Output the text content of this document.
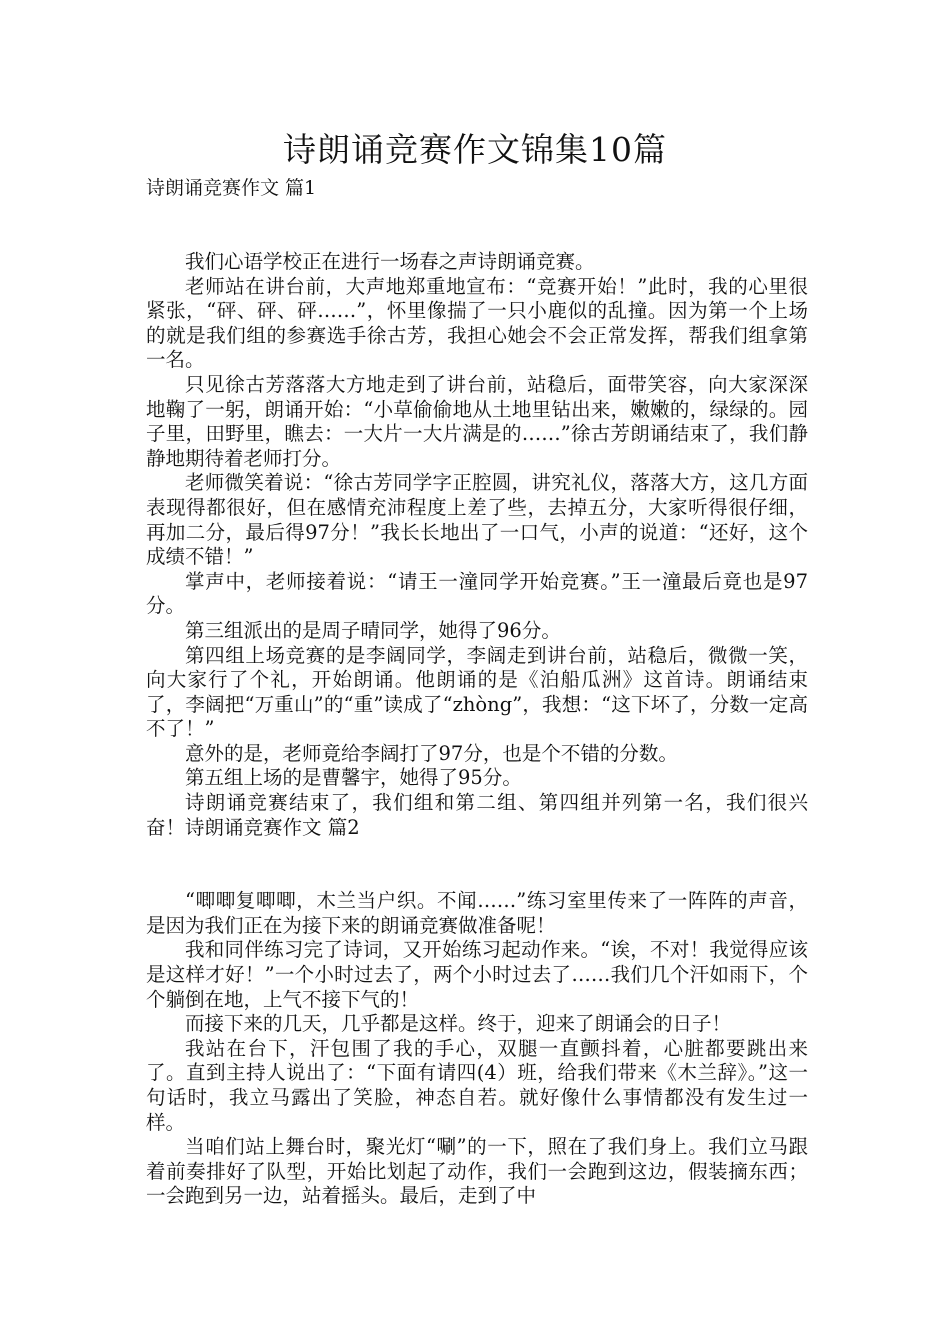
诗朗诵竞赛作文锦集10篇
诗朗诵竞赛作文 篇1

我们心语学校正在进行一场春之声诗朗诵竞赛。

老师站在讲台前，大声地郑重地宣布：“竞赛开始！”此时，我的心里很紧张，“砰、砰、砰……”，怀里像揣了一只小鹿似的乱撞。因为第一个上场的就是我们组的参赛选手徐古芳，我担心她会不会正常发挥，帮我们组拿第一名。

只见徐古芳落落大方地走到了讲台前，站稳后，面带笑容，向大家深深地鞠了一躬，朗诵开始：“小草偷偷地从土地里钻出来，嫩嫩的，绿绿的。园子里，田野里，瞧去：一大片一大片满是的……”徐古芳朗诵结束了，我们静静地期待着老师打分。

老师微笑着说：“徐古芳同学字正腔圆，讲究礼仪，落落大方，这几方面表现得都很好，但在感情充沛程度上差了些，去掉五分，大家听得很仔细，再加二分，最后得97分！”我长长地出了一口气，小声的说道：“还好，这个成绩不错！”

掌声中，老师接着说：“请王一潼同学开始竞赛。”王一潼最后竟也是97分。

第三组派出的是周子晴同学，她得了96分。

第四组上场竞赛的是李阔同学，李阔走到讲台前，站稳后，微微一笑，向大家行了个礼，开始朗诵。他朗诵的是《泊船瓜洲》这首诗。朗诵结束了，李阔把“万重山”的“重”读成了“zhòng”，我想：“这下坏了，分数一定高不了！”

意外的是，老师竟给李阔打了97分，也是个不错的分数。

第五组上场的是曹馨宇，她得了95分。

诗朗诵竞赛结束了，我们组和第二组、第四组并列第一名，我们很兴奋！诗朗诵竞赛作文 篇2

“唧唧复唧唧，木兰当户织。不闻……”练习室里传来了一阵阵的声音，是因为我们正在为接下来的朗诵竞赛做准备呢！

我和同伴练习完了诗词，又开始练习起动作来。“诶，不对！我觉得应该是这样才好！”一个小时过去了，两个小时过去了……我们几个汗如雨下，个个躺倒在地，上气不接下气的！

而接下来的几天，几乎都是这样。终于，迎来了朗诵会的日子！

我站在台下，汗包围了我的手心，双腿一直颤抖着，心脏都要跳出来了。直到主持人说出了：“下面有请四(4）班，给我们带来《木兰辞》。”这一句话时，我立马露出了笑脸，神态自若。就好像什么事情都没有发生过一样。

当咱们站上舞台时，聚光灯“唰”的一下，照在了我们身上。我们立马跟着前奏排好了队型，开始比划起了动作，我们一会跑到这边，假装摘东西；一会跑到另一边，站着摇头。最后，走到了中
